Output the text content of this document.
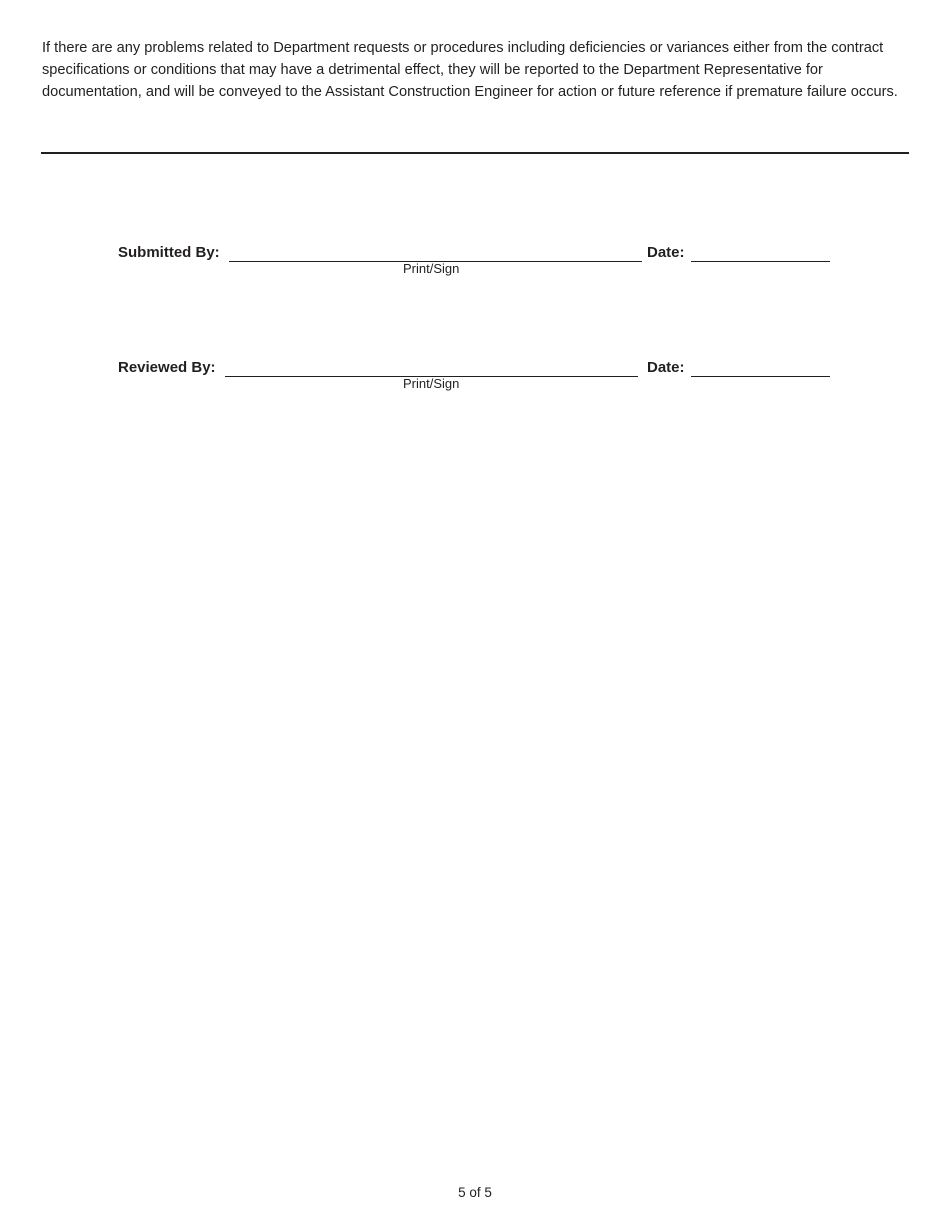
If there are any problems related to Department requests or procedures including deficiencies or variances either from the contract specifications or conditions that may have a detrimental effect, they will be reported to the Department Representative for documentation, and will be conveyed to the Assistant Construction Engineer for action or future reference if premature failure occurs.

Submitted By:
Print/Sign
Date:
Reviewed By:
Print/Sign
Date:
5 of 5
